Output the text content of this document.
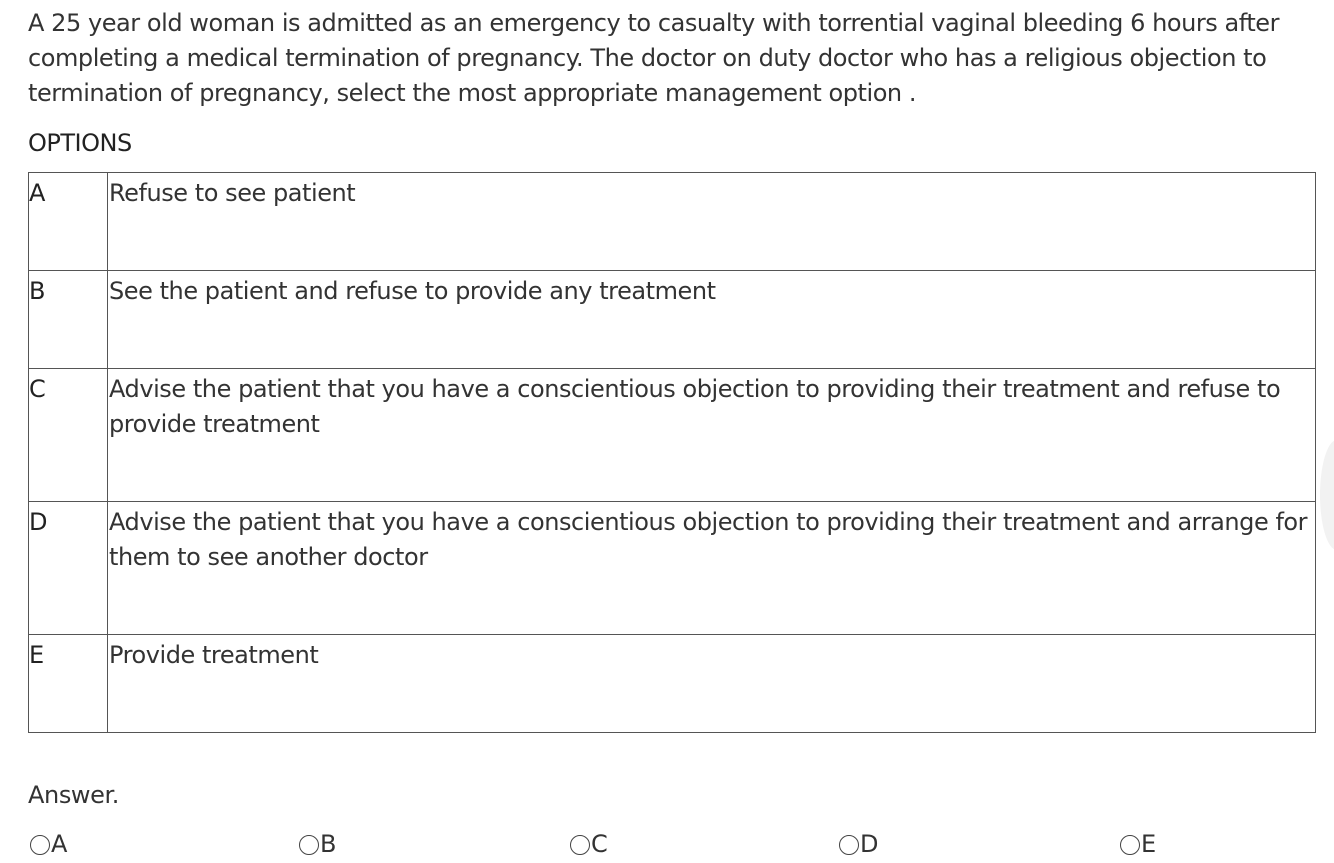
A 25 year old woman is admitted as an emergency to casualty with torrential vaginal bleeding 6 hours after completing a medical termination of pregnancy. The doctor on duty doctor who has a religious objection to termination of pregnancy, select the most appropriate management option .

OPTIONS
A	Refuse to see patient
B	See the patient and refuse to provide any treatment
C	Advise the patient that you have a conscientious objection to providing their treatment and refuse to provide treatment
D	Advise the patient that you have a conscientious objection to providing their treatment and arrange for them to see another doctor
E	Provide treatment

Answer.

A	B	C	D	E
